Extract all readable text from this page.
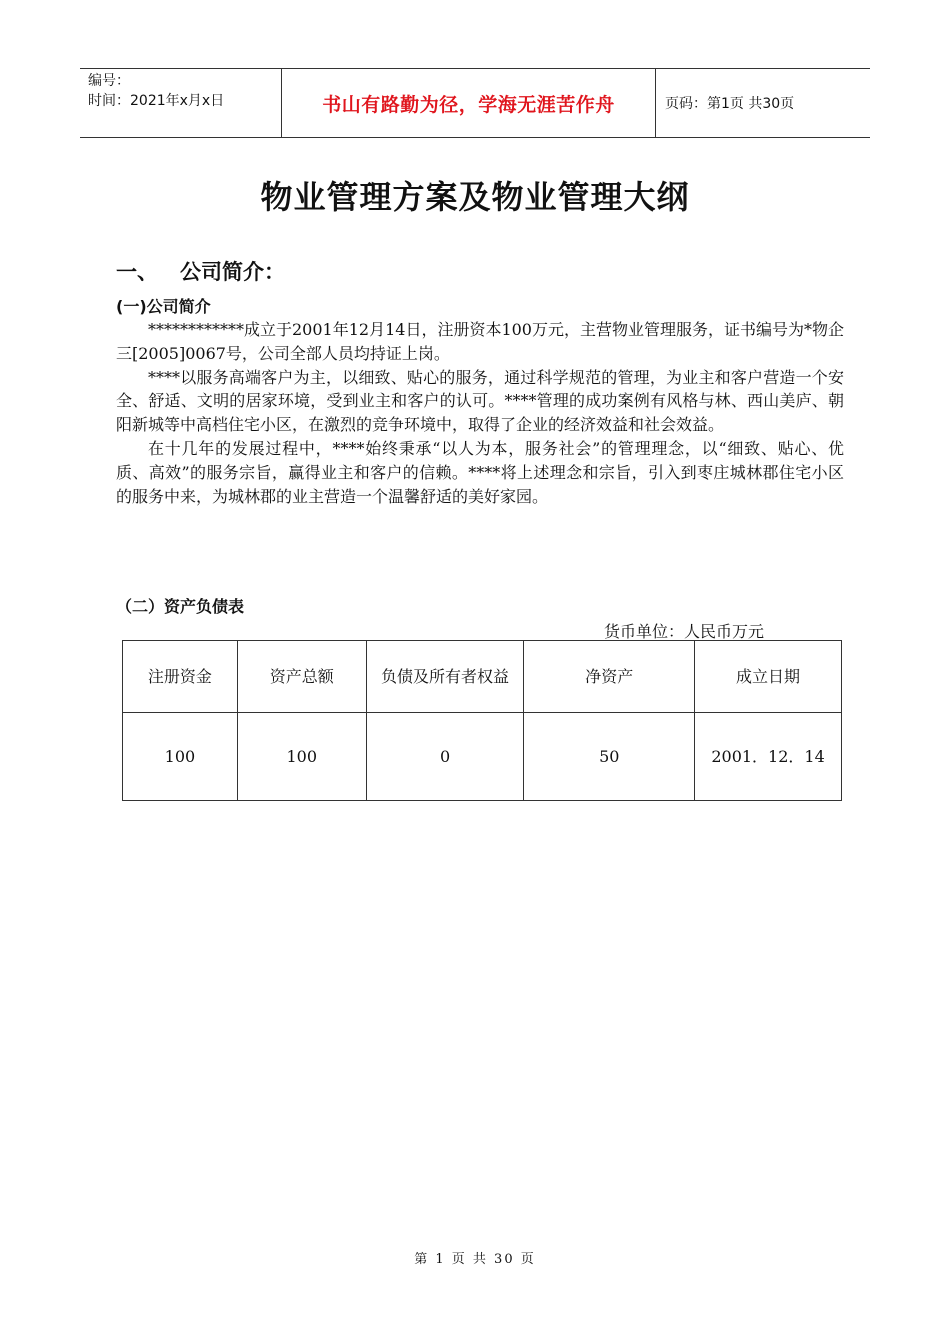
编号：
时间：2021年x月x日	书山有路勤为径，学海无涯苦作舟	页码：第1页 共30页
物业管理方案及物业管理大纲
一、 公司简介：
(一)公司简介

************成立于2001年12月14日，注册资本100万元，主营物业管理服务，证书编号为*物企三[2005]0067号，公司全部人员均持证上岗。

****以服务高端客户为主，以细致、贴心的服务，通过科学规范的管理，为业主和客户营造一个安全、舒适、文明的居家环境，受到业主和客户的认可。****管理的成功案例有风格与林、西山美庐、朝阳新城等中高档住宅小区，在激烈的竞争环境中，取得了企业的经济效益和社会效益。

在十几年的发展过程中，****始终秉承“以人为本，服务社会”的管理理念，以“细致、贴心、优质、高效”的服务宗旨，赢得业主和客户的信赖。****将上述理念和宗旨，引入到枣庄城林郡住宅小区的服务中来，为城林郡的业主营造一个温馨舒适的美好家园。

（二）资产负债表
货币单位：人民币万元
注册资金	资产总额	负债及所有者权益	净资产	成立日期
100	100	0	50	2001．12．14
第 1 页 共 30 页
